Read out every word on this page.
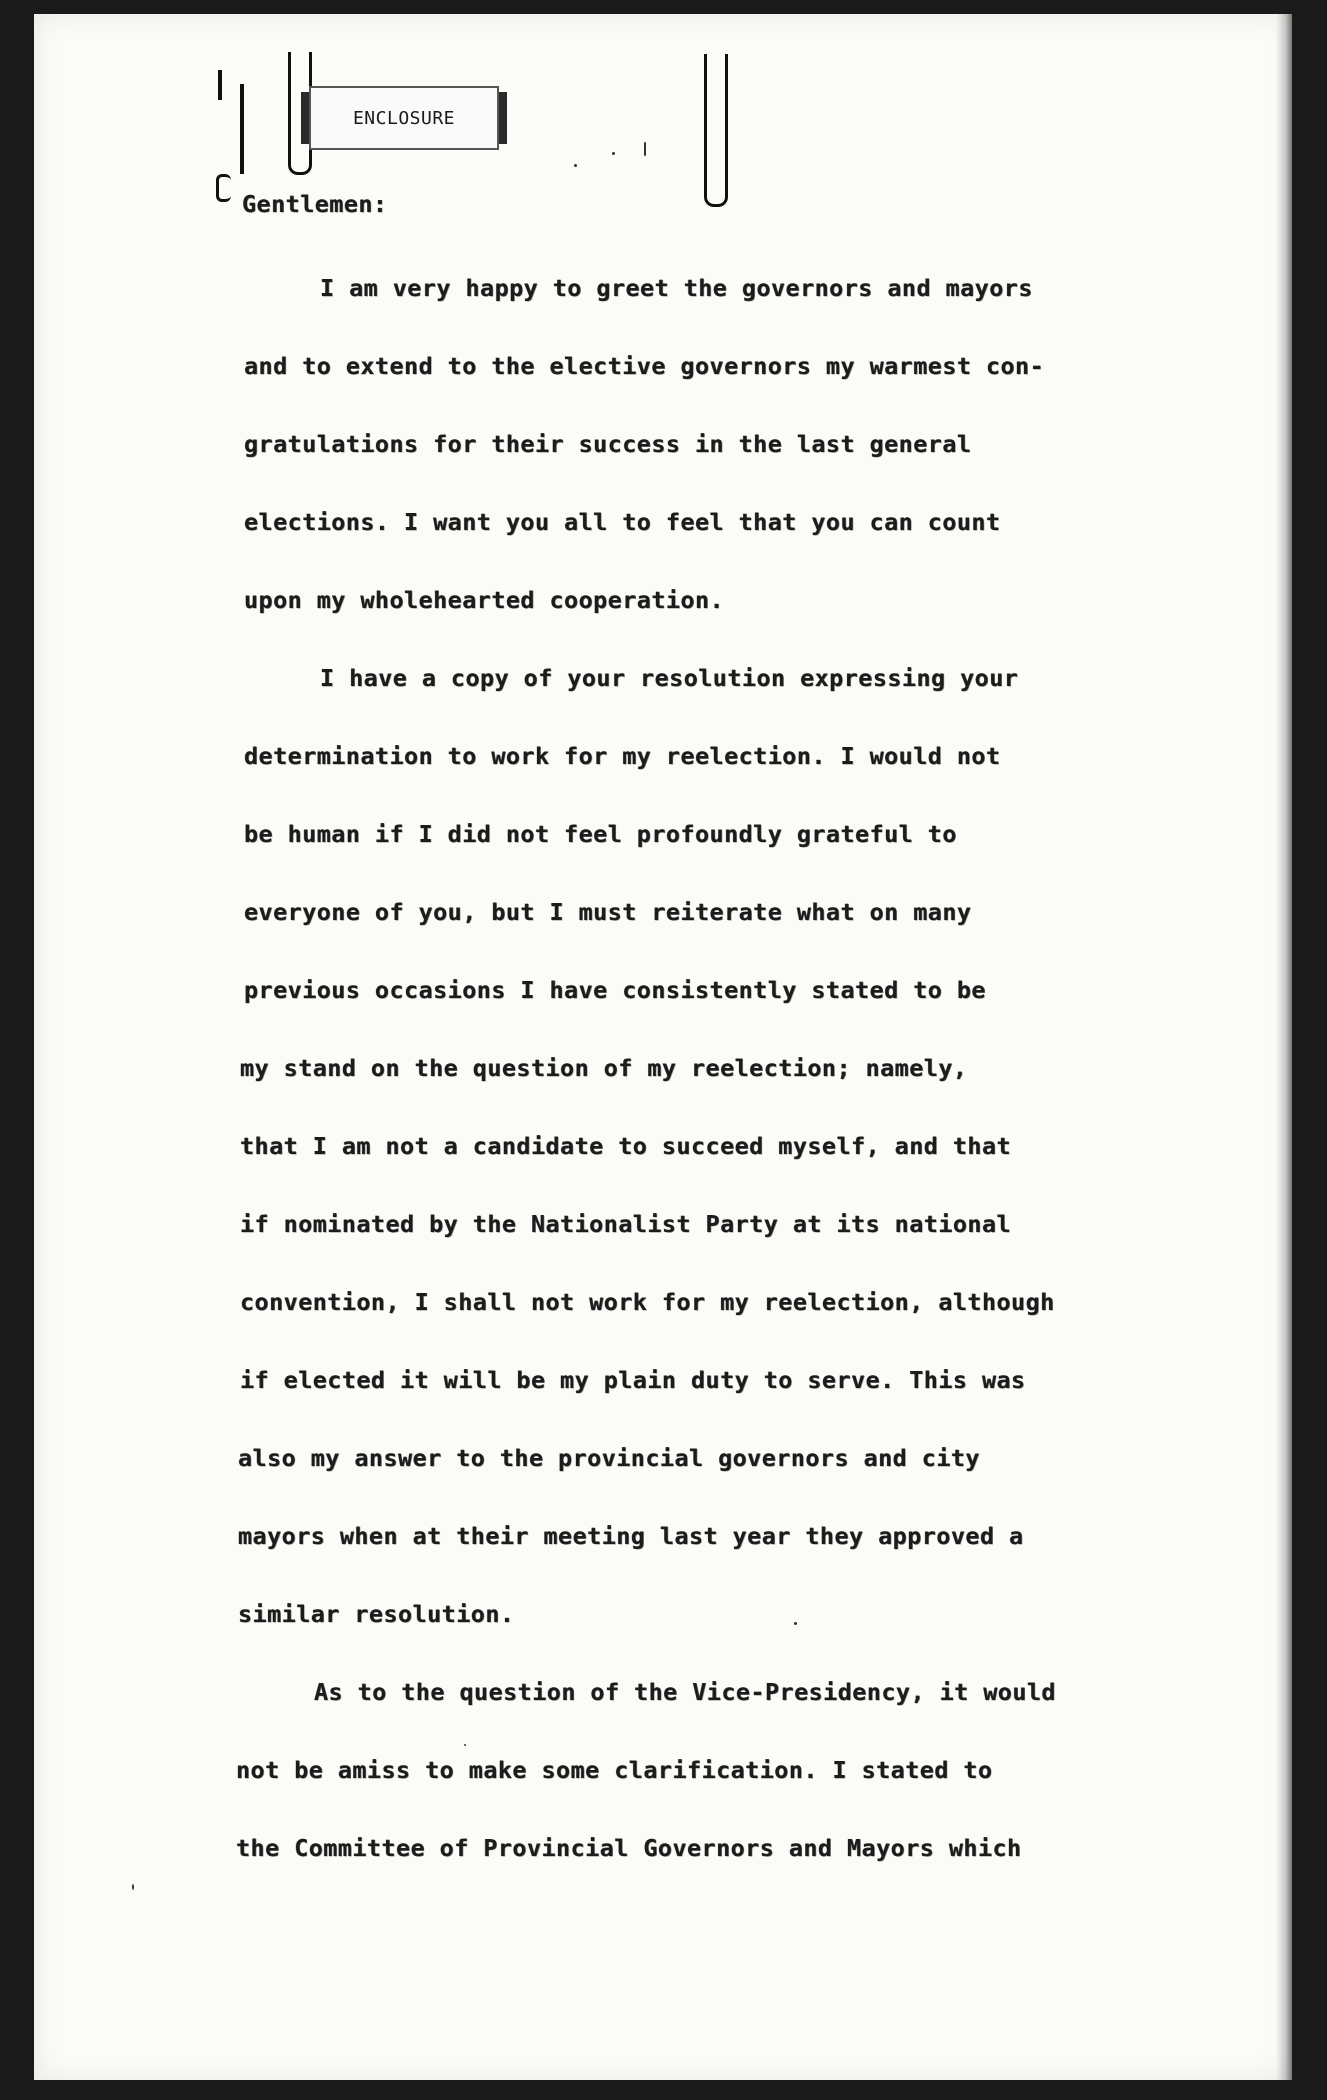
ENCLOSURE
Gentlemen:
I am very happy to greet the governors and mayors
and to extend to the elective governors my warmest con-
gratulations for their success in the last general
elections. I want you all to feel that you can count
upon my wholehearted cooperation.
I have a copy of your resolution expressing your
determination to work for my reelection. I would not
be human if I did not feel profoundly grateful to
everyone of you, but I must reiterate what on many
previous occasions I have consistently stated to be
my stand on the question of my reelection; namely,
that I am not a candidate to succeed myself, and that
if nominated by the Nationalist Party at its national
convention, I shall not work for my reelection, although
if elected it will be my plain duty to serve. This was
also my answer to the provincial governors and city
mayors when at their meeting last year they approved a
similar resolution.
As to the question of the Vice-Presidency, it would
not be amiss to make some clarification. I stated to
the Committee of Provincial Governors and Mayors which
